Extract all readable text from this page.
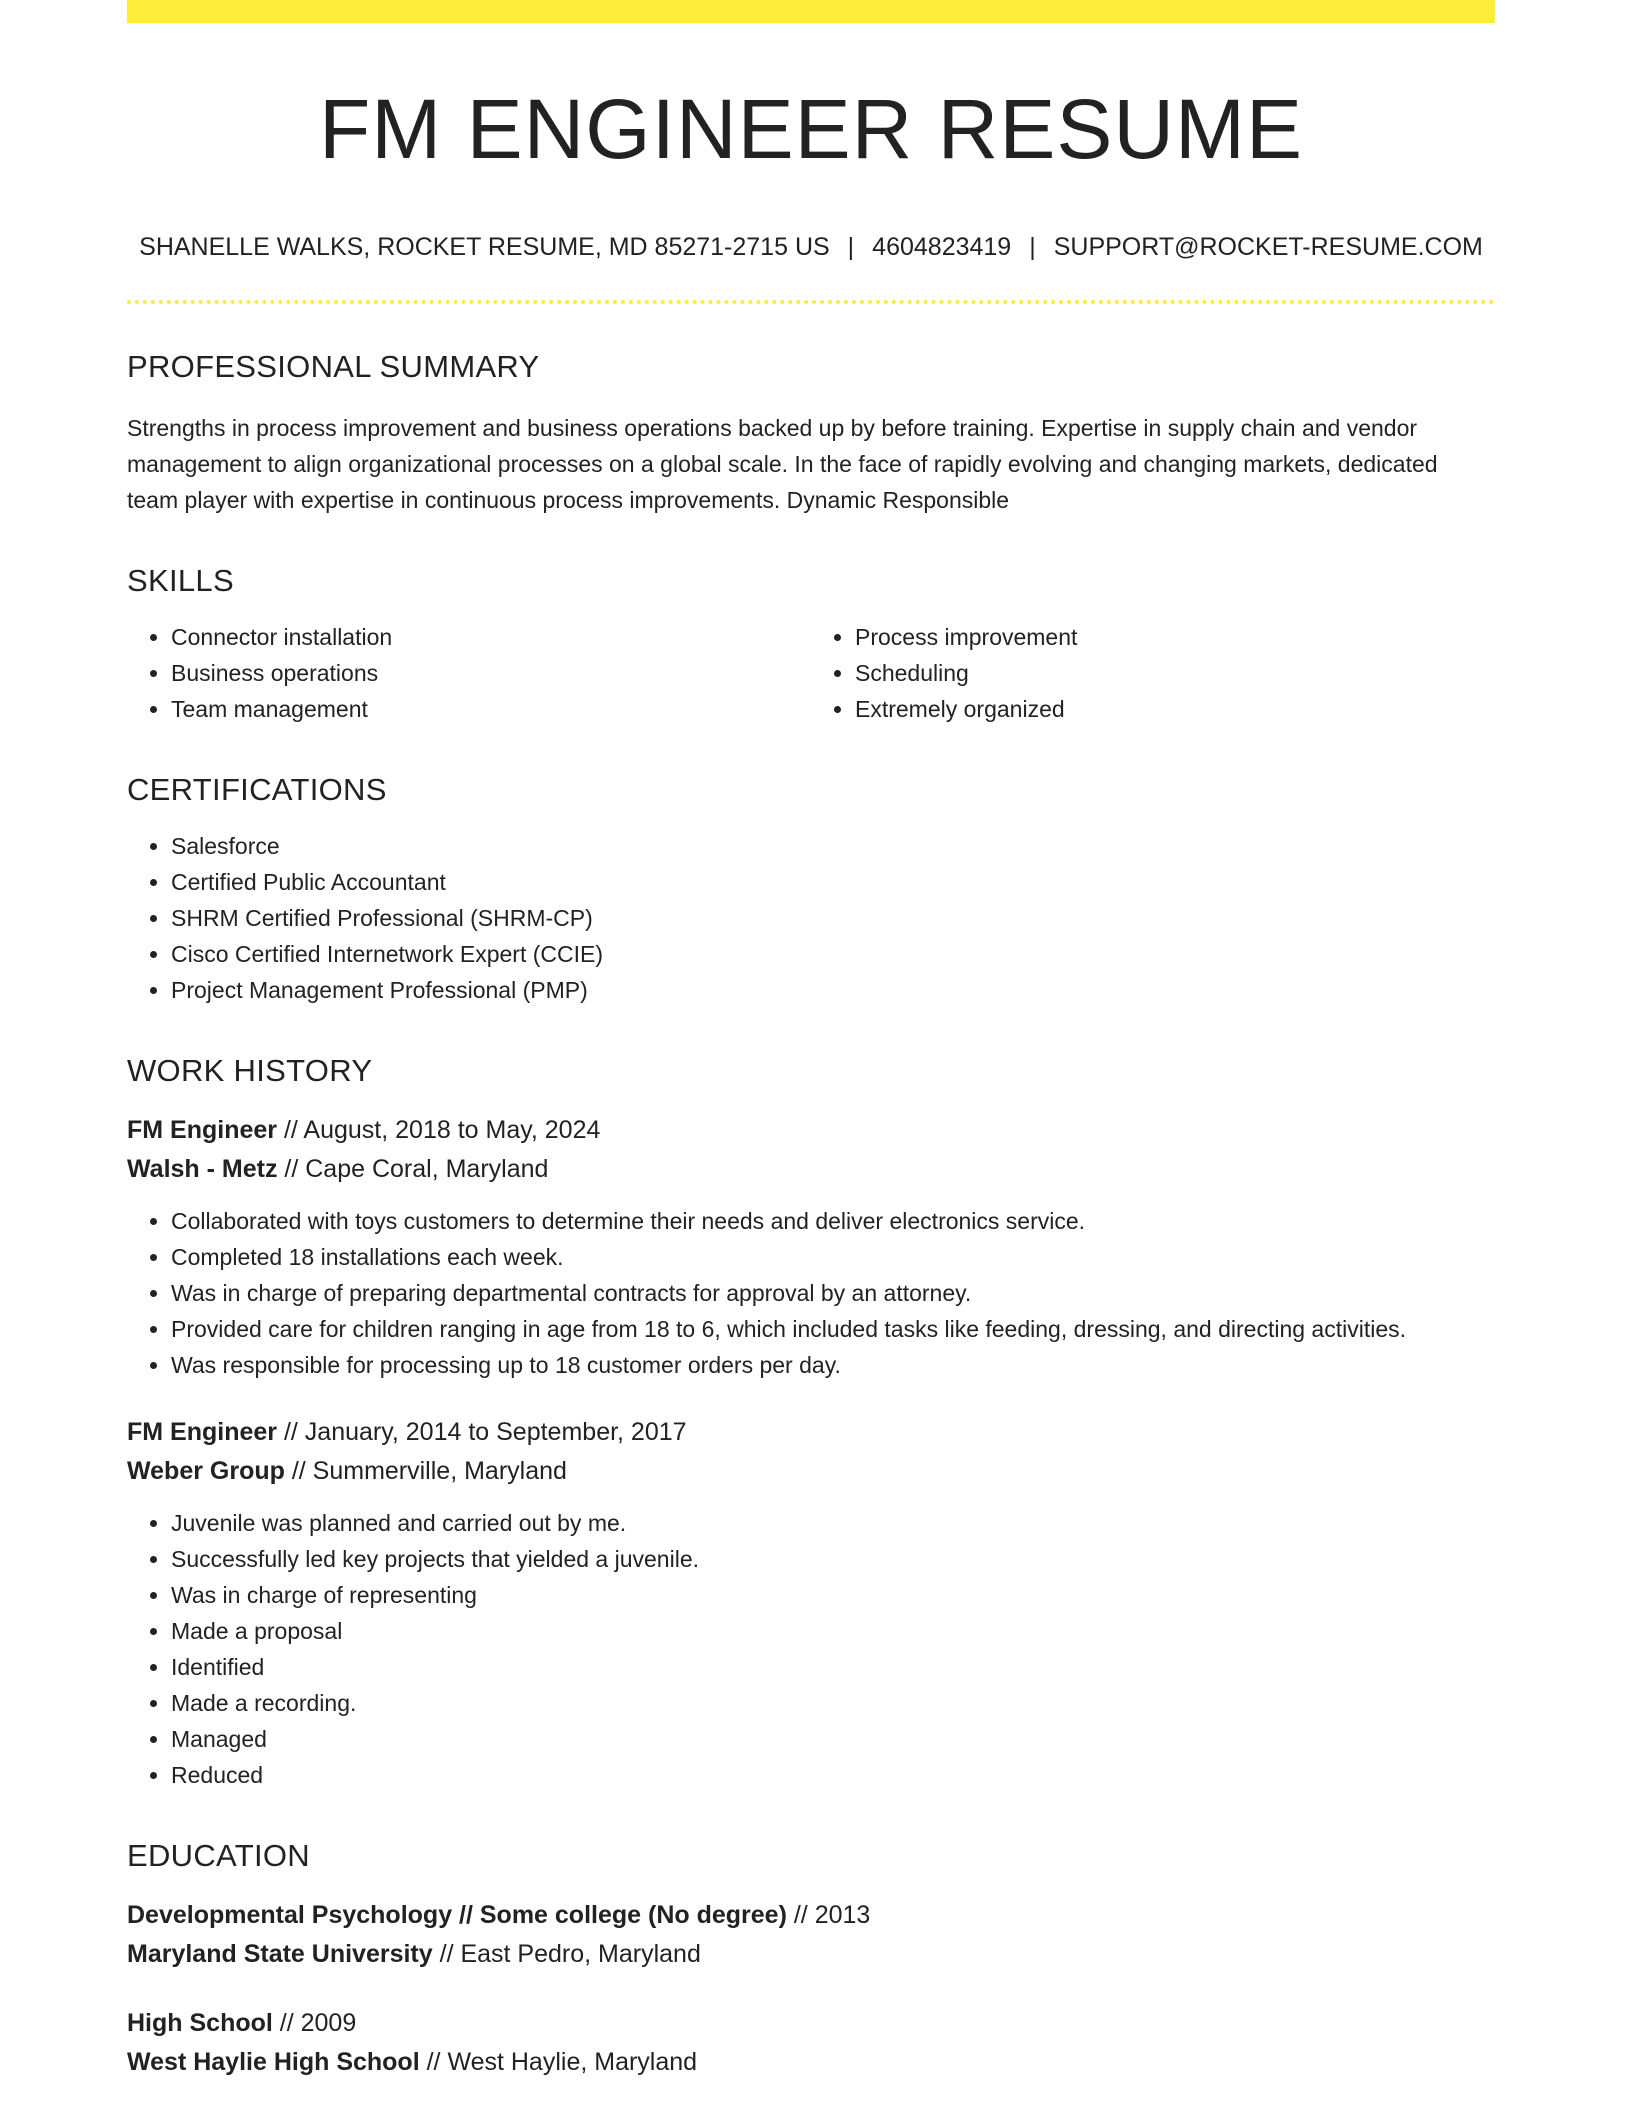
FM ENGINEER RESUME
SHANELLE WALKS, ROCKET RESUME, MD 85271-2715 US | 4604823419 | SUPPORT@ROCKET-RESUME.COM
PROFESSIONAL SUMMARY

Strengths in process improvement and business operations backed up by before training. Expertise in supply chain and vendor management to align organizational processes on a global scale. In the face of rapidly evolving and changing markets, dedicated team player with expertise in continuous process improvements. Dynamic Responsible

SKILLS
• Connector installation
• Business operations
• Team management
• Process improvement
• Scheduling
• Extremely organized
CERTIFICATIONS
• Salesforce
• Certified Public Accountant
• SHRM Certified Professional (SHRM-CP)
• Cisco Certified Internetwork Expert (CCIE)
• Project Management Professional (PMP)
WORK HISTORY
FM Engineer // August, 2018 to May, 2024
Walsh - Metz // Cape Coral, Maryland
• Collaborated with toys customers to determine their needs and deliver electronics service.
• Completed 18 installations each week.
• Was in charge of preparing departmental contracts for approval by an attorney.
• Provided care for children ranging in age from 18 to 6, which included tasks like feeding, dressing, and directing activities.
• Was responsible for processing up to 18 customer orders per day.
FM Engineer // January, 2014 to September, 2017
Weber Group // Summerville, Maryland
• Juvenile was planned and carried out by me.
• Successfully led key projects that yielded a juvenile.
• Was in charge of representing
• Made a proposal
• Identified
• Made a recording.
• Managed
• Reduced
EDUCATION
Developmental Psychology // Some college (No degree) // 2013
Maryland State University // East Pedro, Maryland
High School // 2009
West Haylie High School // West Haylie, Maryland
